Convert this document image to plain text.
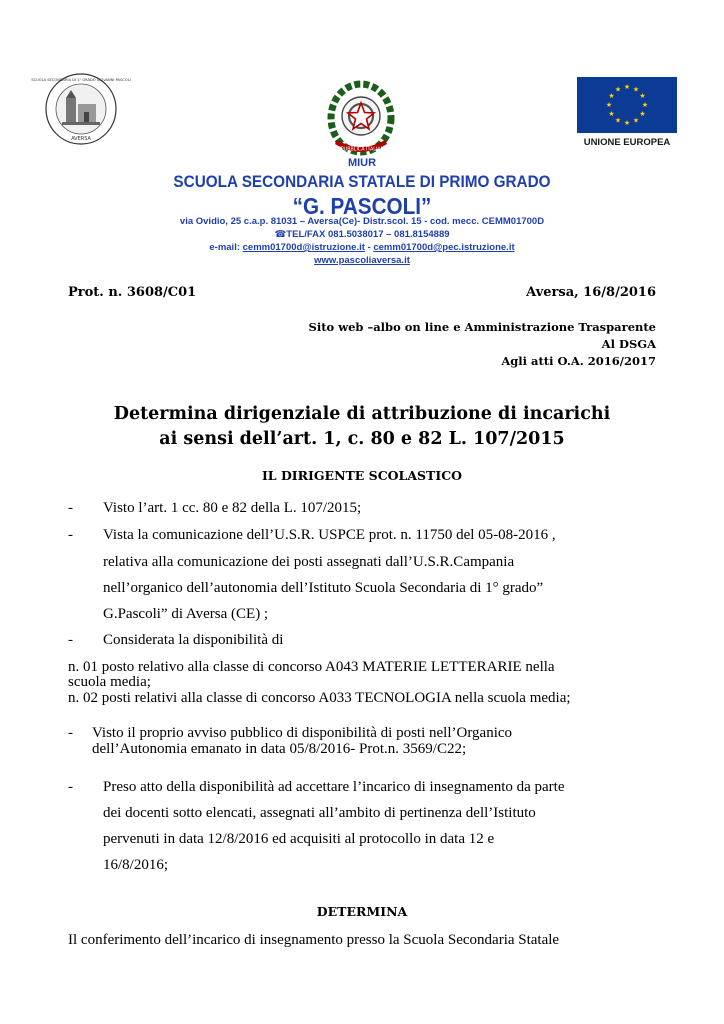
AVERSA
SCUOLA SECONDARIA DI 1° GRADO GIOVANNI PASCOLI
REPUBBLICA ITALIANA
★ ★
★
★
★
★
★
★
★
★
★
★
UNIONE EUROPEA
MIUR
SCUOLA SECONDARIA STATALE DI PRIMO GRADO
“G. PASCOLI”
via Ovidio, 25 c.a.p. 81031 – Aversa(Ce)- Distr.scol. 15 - cod. mecc. CEMM01700D
☎TEL/FAX 081.5038017 – 081.8154889
e-mail: cemm01700d@istruzione.it - cemm01700d@pec.istruzione.it
www.pascoliaversa.it
Prot. n. 3608/C01	Aversa, 16/8/2016
Sito web –albo on line e Amministrazione Trasparente
Al DSGA
Agli atti O.A. 2016/2017
Determina dirigenziale di attribuzione di incarichi
ai sensi dell’art. 1, c. 80 e 82 L. 107/2015
IL DIRIGENTE SCOLASTICO
- Visto l’art. 1 cc. 80 e 82 della L. 107/2015;
- Vista la comunicazione dell’U.S.R. USPCE prot. n. 11750 del 05-08-2016 ,
relativa alla comunicazione dei posti assegnati dall’U.S.R.Campania
nell’organico dell’autonomia dell’Istituto Scuola Secondaria di 1° grado”
G.Pascoli” di Aversa (CE) ;
- Considerata la disponibilità di
n. 01 posto relativo alla classe di concorso A043 MATERIE LETTERARIE nella
scuola media;
n. 02 posti relativi alla classe di concorso A033 TECNOLOGIA nella scuola media;
- Visto il proprio avviso pubblico di disponibilità di posti nell’Organico
dell’Autonomia emanato in data 05/8/2016- Prot.n. 3569/C22;
- Preso atto della disponibilità ad accettare l’incarico di insegnamento da parte
dei docenti sotto elencati, assegnati all’ambito di pertinenza dell’Istituto
pervenuti in data 12/8/2016 ed acquisiti al protocollo in data 12 e
16/8/2016;
DETERMINA
Il conferimento dell’incarico di insegnamento presso la Scuola Secondaria Statale
